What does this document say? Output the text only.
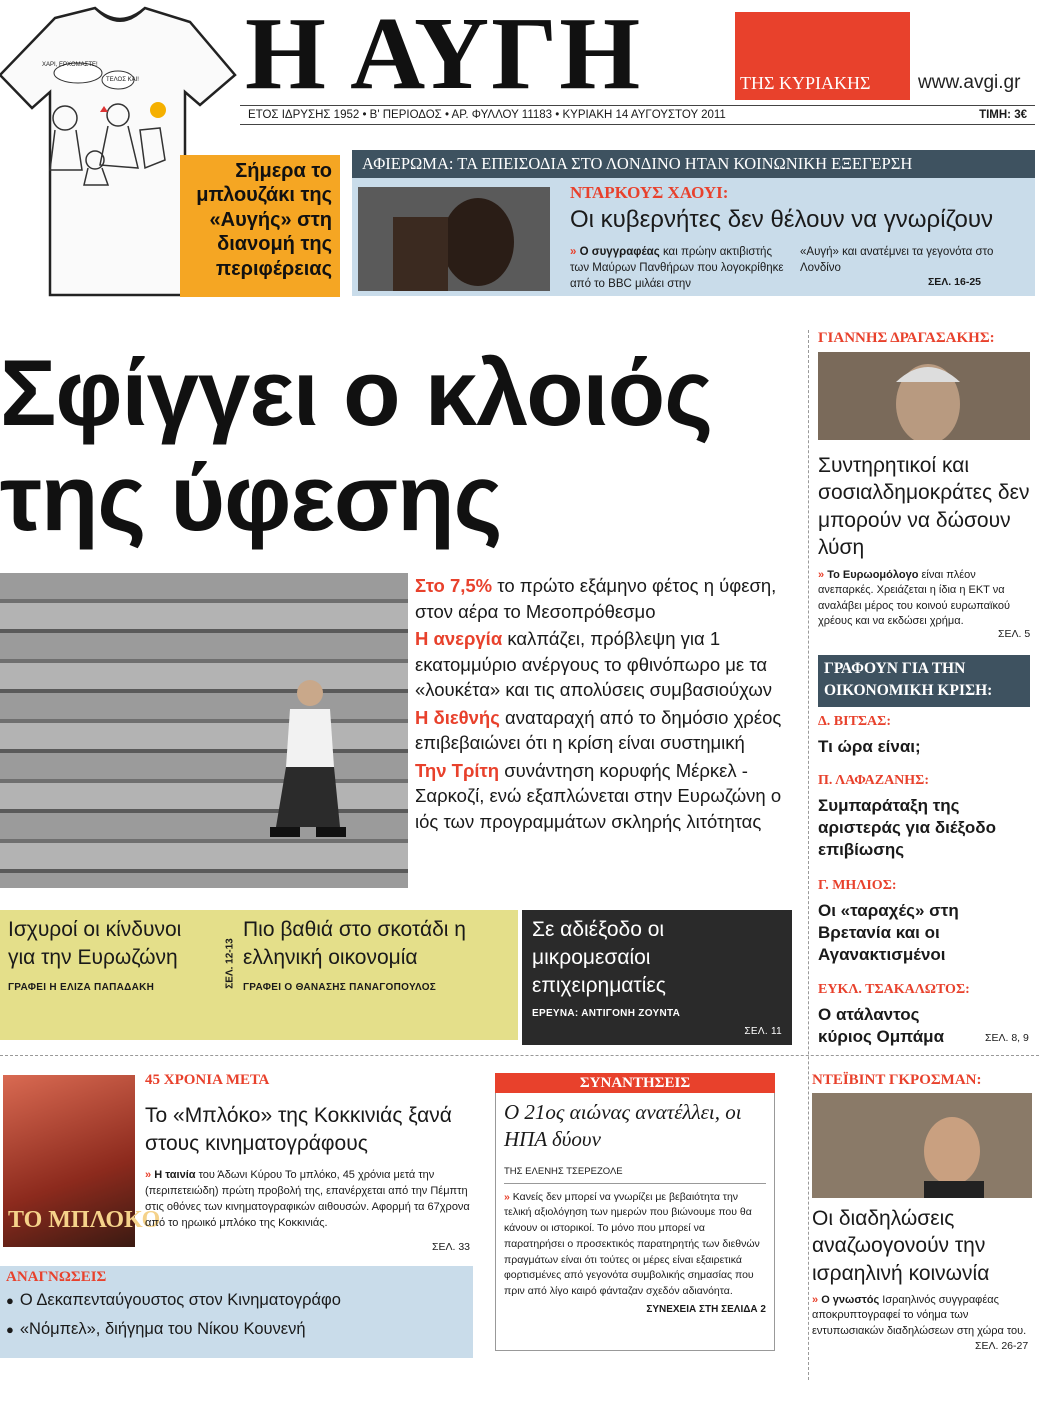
Η ΑΥΓΗ	ΤΗΣ ΚΥΡΙΑΚΗΣ	www.avgi.gr
ΕΤΟΣ ΙΔΡΥΣΗΣ 1952 • Β' ΠΕΡΙΟΔΟΣ • ΑΡ. ΦΥΛΛΟΥ 11183 • ΚΥΡΙΑΚΗ 14 ΑΥΓΟΥΣΤΟΥ 2011	ΤΙΜΗ: 3€
ΧΑΡΙ, ΕΡΧΟΜΑΣΤΕ!
ΤΕΛΟΣ ΚΑΙ!
Σήμερα το μπλουζάκι της «Αυγής» στη διανομή της περιφέρειας
ΑΦΙΕΡΩΜΑ: ΤΑ ΕΠΕΙΣΟΔΙΑ ΣΤΟ ΛΟΝΔΙΝΟ ΗΤΑΝ ΚΟΙΝΩΝΙΚΗ ΕΞΕΓΕΡΣΗ
ΝΤΑΡΚΟΥΣ ΧΑΟΥΙ:
Οι κυβερνήτες δεν θέλουν να γνωρίζουν
» Ο συγγραφέας και πρώην ακτιβιστής των Μαύρων Πανθήρων που λογοκρίθηκε από το BBC μιλάει στην
«Αυγή» και ανατέμνει τα γεγονότα στο Λονδίνο
ΣΕΛ. 16-25
Σφίγγει ο κλοιός της ύφεσης

Στο 7,5% το πρώτο εξάμηνο φέτος η ύφεση, στον αέρα το Μεσοπρόθεσμο

Η ανεργία καλπάζει, πρόβλεψη για 1 εκατομμύριο ανέργους το φθινόπωρο με τα «λουκέτα» και τις απολύσεις συμβασιούχων

Η διεθνής αναταραχή από το δημόσιο χρέος επιβεβαιώνει ότι η κρίση είναι συστημική

Την Τρίτη συνάντηση κορυφής Μέρκελ - Σαρκοζί, ενώ εξαπλώνεται στην Ευρωζώνη ο ιός των προγραμμάτων σκληρής λιτότητας

Ισχυροί οι κίνδυνοι για την Ευρωζώνη
ΓΡΑΦΕΙ Η ΕΛΙΖΑ ΠΑΠΑΔΑΚΗ
Πιο βαθιά στο σκοτάδι η ελληνική οικονομία
ΓΡΑΦΕΙ Ο ΘΑΝΑΣΗΣ ΠΑΝΑΓΟΠΟΥΛΟΣ
ΣΕΛ. 12-13
Σε αδιέξοδο οι μικρομεσαίοι επιχειρηματίες
ΕΡΕΥΝΑ: ΑΝΤΙΓΟΝΗ ΖΟΥΝΤΑ
ΣΕΛ. 11
ΓΙΑΝΝΗΣ ΔΡΑΓΑΣΑΚΗΣ:
Συντηρητικοί και σοσιαλδημοκράτες δεν μπορούν να δώσουν λύση
» Το Ευρωομόλογο είναι πλέον ανεπαρκές. Χρειάζεται η ίδια η ΕΚΤ να αναλάβει μέρος του κοινού ευρωπαϊκού χρέους και να εκδώσει χρήμα.
ΣΕΛ. 5
ΓΡΑΦΟΥΝ ΓΙΑ ΤΗΝ ΟΙΚΟΝΟΜΙΚΗ ΚΡΙΣΗ:
Δ. ΒΙΤΣΑΣ:
Τι ώρα είναι;
Π. ΛΑΦΑΖΑΝΗΣ:
Συμπαράταξη της αριστεράς για διέξοδο επιβίωσης
Γ. ΜΗΛΙΟΣ:
Οι «ταραχές» στη Βρετανία και οι Αγανακτισμένοι
ΕΥΚΛ. ΤΣΑΚΑΛΩΤΟΣ:
Ο ατάλαντος κύριος Ομπάμα	ΣΕΛ. 8, 9
ΤΟ ΜΠΛΟΚΟ
45 ΧΡΟΝΙΑ ΜΕΤΑ
Το «Μπλόκο» της Κοκκινιάς ξανά στους κινηματογράφους
» Η ταινία του Άδωνι Κύρου Το μπλόκο, 45 χρόνια μετά την (περιπετειώδη) πρώτη προβολή της, επανέρχεται από την Πέμπτη στις οθόνες των κινηματογραφικών αιθουσών. Αφορμή τα 67χρονα από το ηρωικό μπλόκο της Κοκκινιάς.
ΣΕΛ. 33
ΑΝΑΓΝΩΣΕΙΣ
● Ο Δεκαπενταύγουστος στον Κινηματογράφο
● «Νόμπελ», διήγημα του Νίκου Κουνενή
ΣΥΝΑΝΤΗΣΕΙΣ
Ο 21ος αιώνας ανατέλλει, οι ΗΠΑ δύουν
ΤΗΣ ΕΛΕΝΗΣ ΤΣΕΡΕΖΟΛΕ
» Κανείς δεν μπορεί να γνωρίζει με βεβαιότητα την τελική αξιολόγηση των ημερών που βιώνουμε που θα κάνουν οι ιστορικοί. Το μόνο που μπορεί να παρατηρήσει ο προσεκτικός παρατηρητής των διεθνών πραγμάτων είναι ότι τούτες οι μέρες είναι εξαιρετικά φορτισμένες από γεγονότα συμβολικής σημασίας που πριν από λίγο καιρό φάνταζαν σχεδόν αδιανόητα.
ΣΥΝΕΧΕΙΑ ΣΤΗ ΣΕΛΙΔΑ 2
ΝΤΕΪΒΙΝΤ ΓΚΡΟΣΜΑΝ:
Οι διαδηλώσεις αναζωογονούν την ισραηλινή κοινωνία
» Ο γνωστός Ισραηλινός συγγραφέας αποκρυπτογραφεί το νόημα των εντυπωσιακών διαδηλώσεων στη χώρα του.
ΣΕΛ. 26-27
